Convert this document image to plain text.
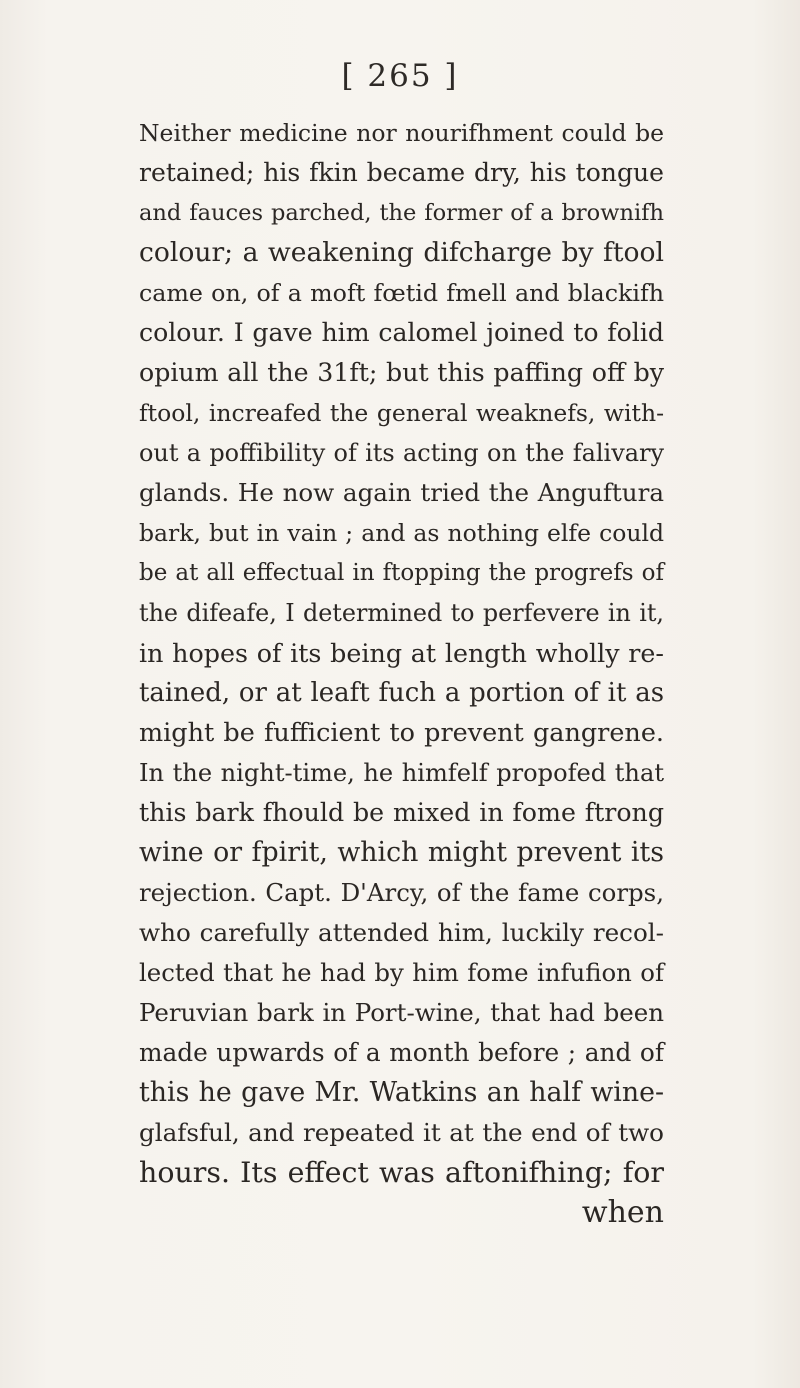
[ 265 ]
Neither medicine nor nourifhment could be
retained; his fkin became dry, his tongue
and fauces parched, the former of a brownifh
colour; a weakening difcharge by ftool
came on, of a moft fœtid fmell and blackifh
colour. I gave him calomel joined to folid
opium all the 31ft; but this paffing off by
ftool, increafed the general weaknefs, with-
out a poffibility of its acting on the falivary
glands. He now again tried the Anguftura
bark, but in vain ; and as nothing elfe could
be at all effectual in ftopping the progrefs of
the difeafe, I determined to perfevere in it,
in hopes of its being at length wholly re-
tained, or at leaft fuch a portion of it as
might be fufficient to prevent gangrene.
In the night-time, he himfelf propofed that
this bark fhould be mixed in fome ftrong
wine or fpirit, which might prevent its
rejection. Capt. D'Arcy, of the fame corps,
who carefully attended him, luckily recol-
lected that he had by him fome infufion of
Peruvian bark in Port-wine, that had been
made upwards of a month before ; and of
this he gave Mr. Watkins an half wine-
glafsful, and repeated it at the end of two
hours. Its effect was aftonifhing; for
when
